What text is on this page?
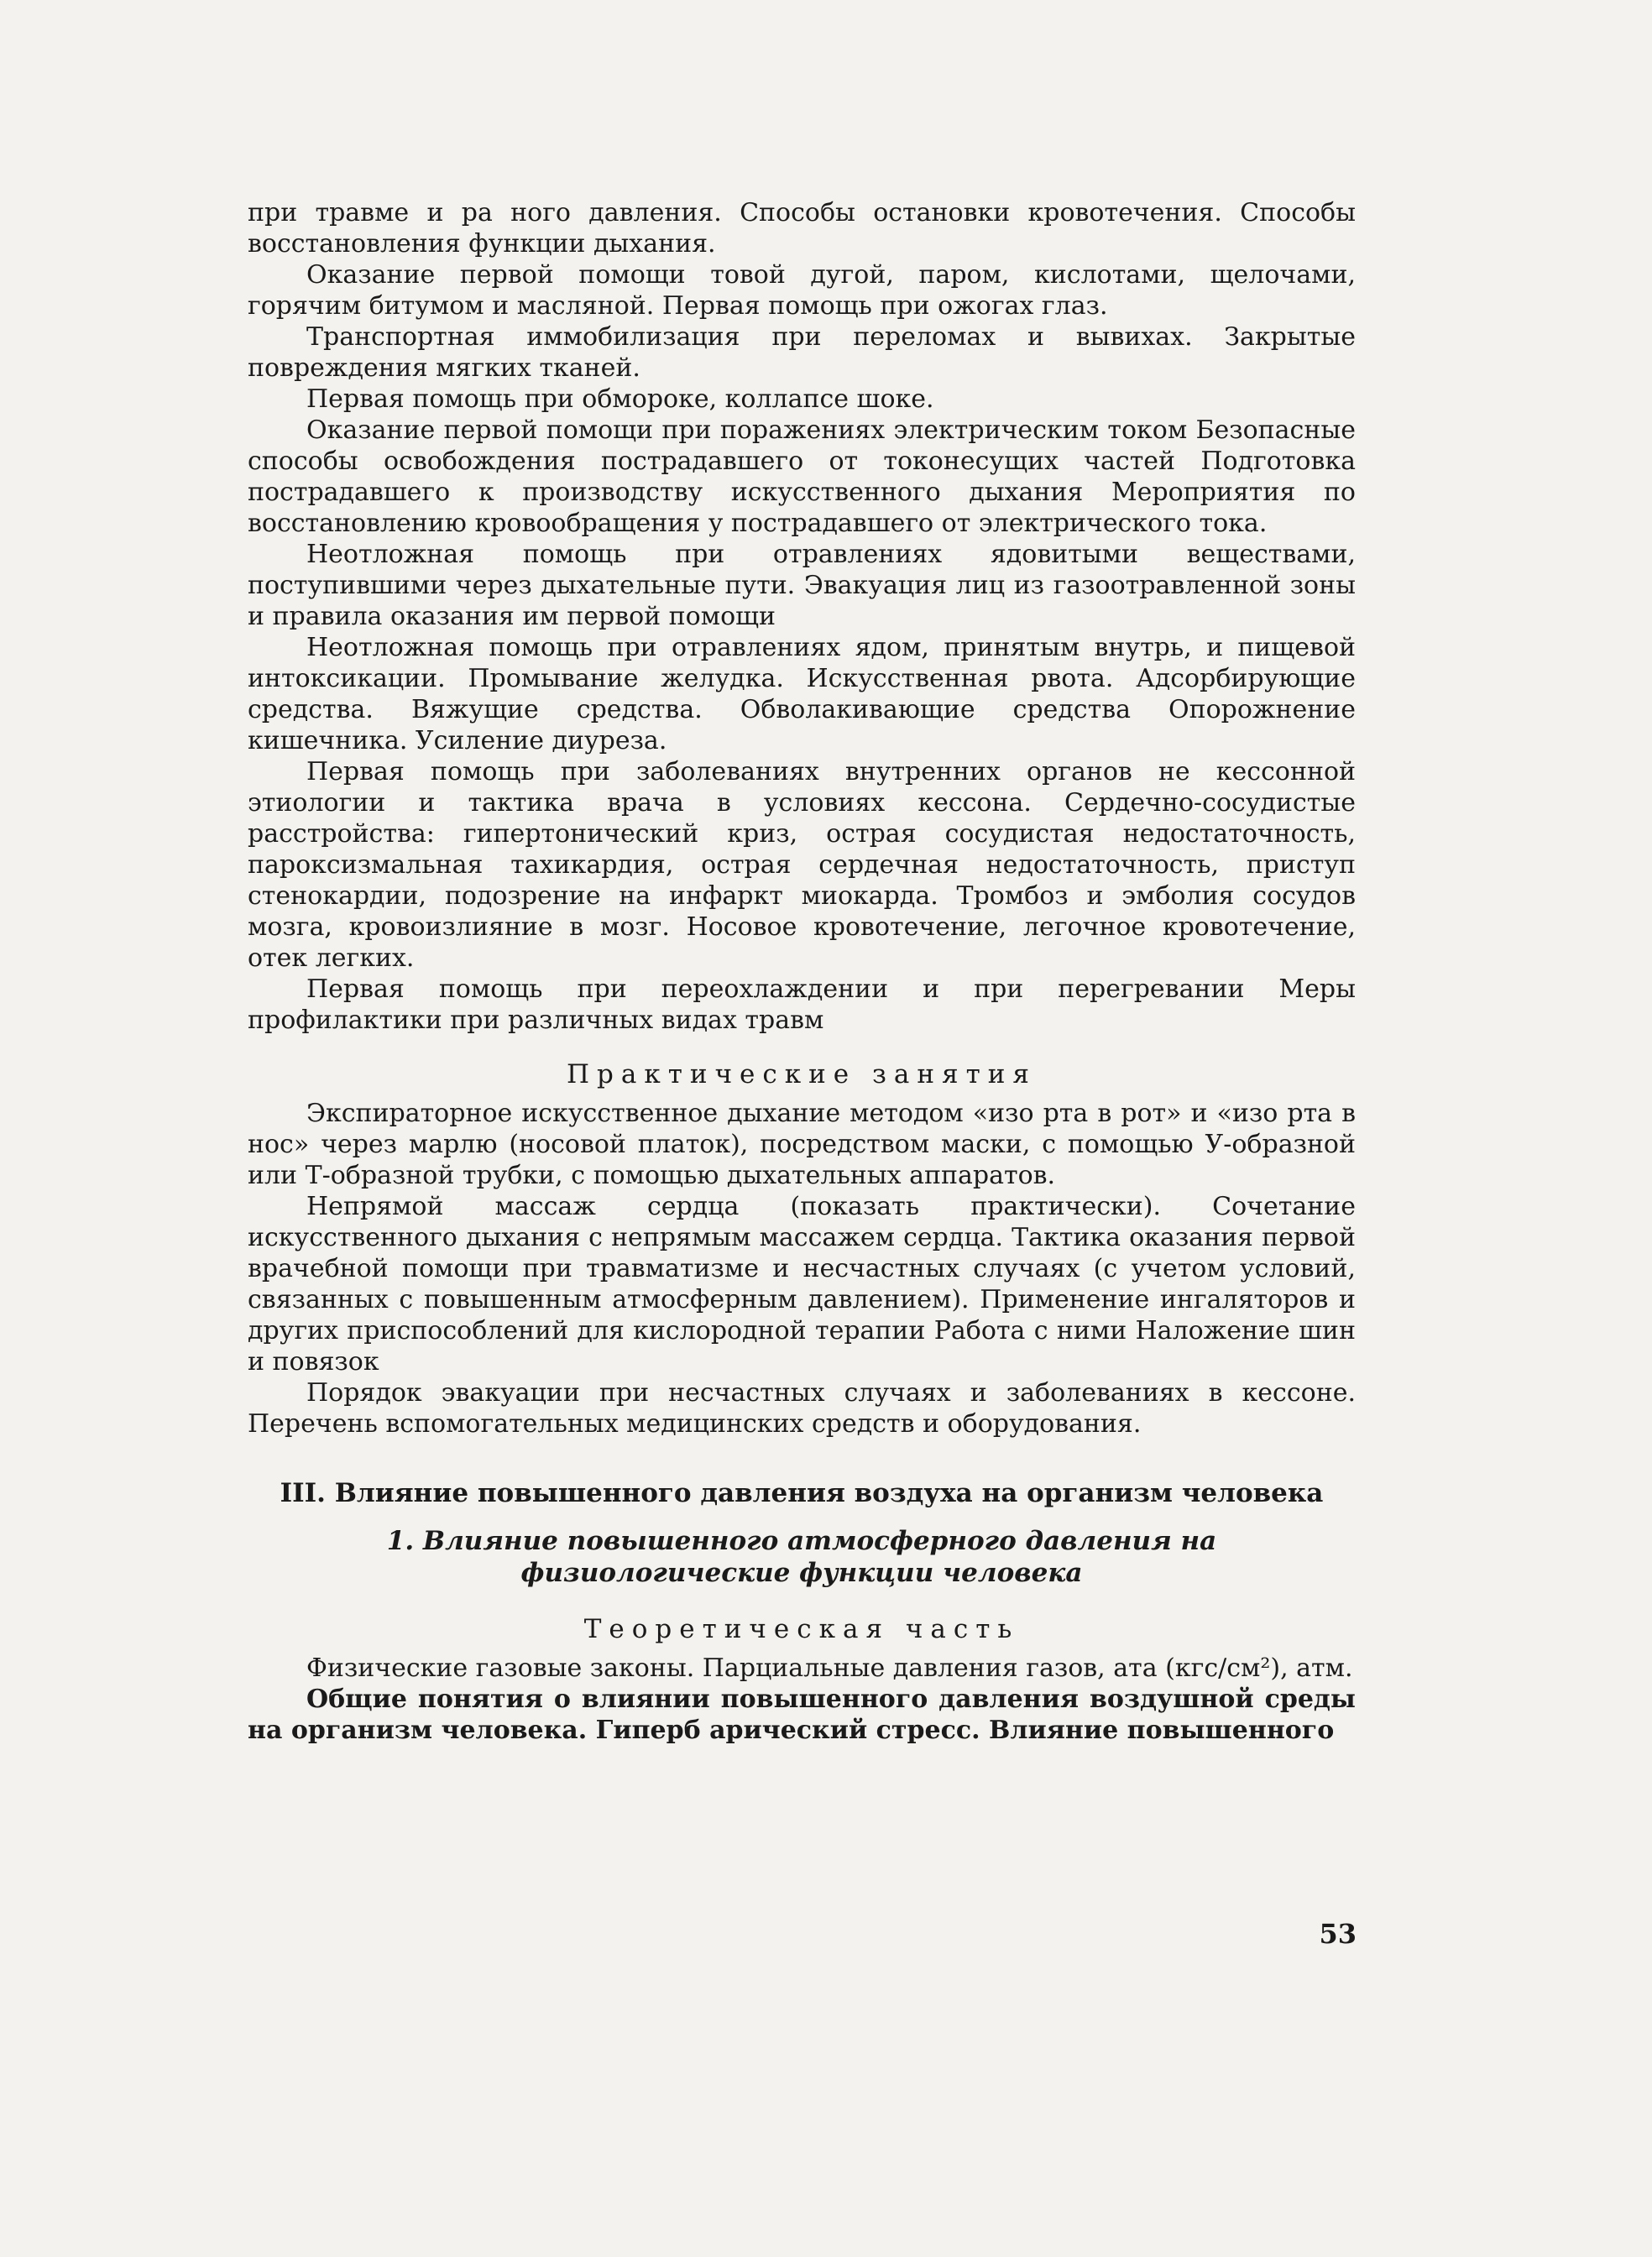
при травме и ра ного давления. Способы остановки кровотечения. Способы восстановления функции дыхания.

Оказание первой помощи товой дугой, паром, кислотами, щелочами, горячим битумом и масляной. Первая помощь при ожогах глаз.

Транспортная иммобилизация при переломах и вывихах. Закрытые повреждения мягких тканей.

Первая помощь при обмороке, коллапсе шоке.

Оказание первой помощи при поражениях электрическим током Безопасные способы освобождения пострадавшего от токонесущих частей Подготовка пострадавшего к производству искусственного дыхания Мероприятия по восстановлению кровообращения у пострадавшего от электрического тока.

Неотложная помощь при отравлениях ядовитыми веществами, поступившими через дыхательные пути. Эвакуация лиц из газоотравленной зоны и правила оказания им первой помощи

Неотложная помощь при отравлениях ядом, принятым внутрь, и пищевой интоксикации. Промывание желудка. Искусственная рвота. Адсорбирующие средства. Вяжущие средства. Обволакивающие средства Опорожнение кишечника. Усиление диуреза.

Первая помощь при заболеваниях внутренних органов не кессонной этиологии и тактика врача в условиях кессона. Сердечно-сосудистые расстройства: гипертонический криз, острая сосудистая недостаточность, пароксизмальная тахикардия, острая сердечная недостаточность, приступ стенокардии, подозрение на инфаркт миокарда. Тромбоз и эмболия сосудов мозга, кровоизлияние в мозг. Носовое кровотечение, легочное кровотечение, отек легких.

Первая помощь при переохлаждении и при перегревании Меры профилактики при различных видах травм

Практические занятия

Экспираторное искусственное дыхание методом «изо рта в рот» и «изо рта в нос» через марлю (носовой платок), посредством маски, с помощью У-образной или Т-образной трубки, с помощью дыхательных аппаратов.

Непрямой массаж сердца (показать практически). Сочетание искусственного дыхания с непрямым массажем сердца. Тактика оказания первой врачебной помощи при травматизме и несчастных случаях (с учетом условий, связанных с повышенным атмосферным давлением). Применение ингаляторов и других приспособлений для кислородной терапии Работа с ними Наложение шин и повязок

Порядок эвакуации при несчастных случаях и заболеваниях в кессоне. Перечень вспомогательных медицинских средств и оборудования.

III. Влияние повышенного давления воздуха на организм человека
1. Влияние повышенного атмосферного давления на физиологические функции человека
Теоретическая часть

Физические газовые законы. Парциальные давления газов, ата (кгс/см²), атм.

Общие понятия о влиянии повышенного давления воздушной среды на организм человека. Гиперб арический стресс. Влияние повышенного

53
